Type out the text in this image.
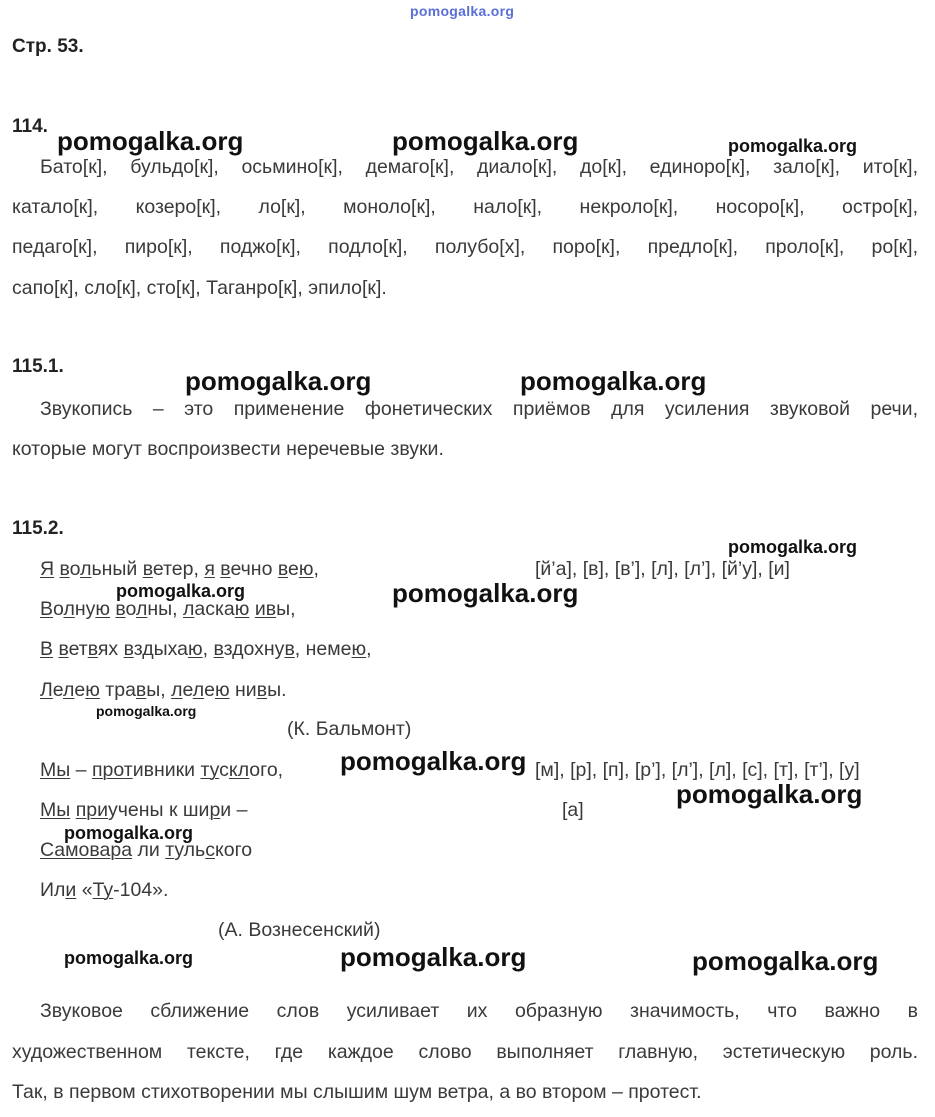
pomogalka.org
Стр. 53.
114.
Бато[к], бульдо[к], осьмино[к], демаго[к], диало[к], до[к], единоро[к], зало[к], ито[к],
катало[к], козеро[к], ло[к], моноло[к], нало[к], некроло[к], носоро[к], остро[к],
педаго[к], пиро[к], поджо[к], подло[к], полубо[х], поро[к], предло[к], проло[к], ро[к],
сапо[к], сло[к], сто[к], Таганро[к], эпило[к].
115.1.
Звукопись – это применение фонетических приёмов для усиления звуковой речи,
которые могут воспроизвести неречевые звуки.
115.2.
Я вольный ветер, я вечно вею,	[й’а], [в], [в’], [л], [л’], [й’у], [и]
Волную волны, ласкаю ивы,
В ветвях вздыхаю, вздохнув, немею,
Лелею травы, лелею нивы.
(К. Бальмонт)
Мы – противники тусклого,	[м], [р], [п], [р’], [л’], [л], [с], [т], [т’], [у]
Мы приучены к шири –	[а]
Самовара ли тульского
Или «Ту-104».
(А. Вознесенский)
Звуковое сближение слов усиливает их образную значимость, что важно в
художественном тексте, где каждое слово выполняет главную, эстетическую роль.
Так, в первом стихотворении мы слышим шум ветра, а во втором – протест.
pomogalka.org	pomogalka.org	pomogalka.org
pomogalka.org	pomogalka.org
pomogalka.org
pomogalka.org	pomogalka.org
pomogalka.org
pomogalka.org
pomogalka.org
pomogalka.org
pomogalka.org	pomogalka.org	pomogalka.org
